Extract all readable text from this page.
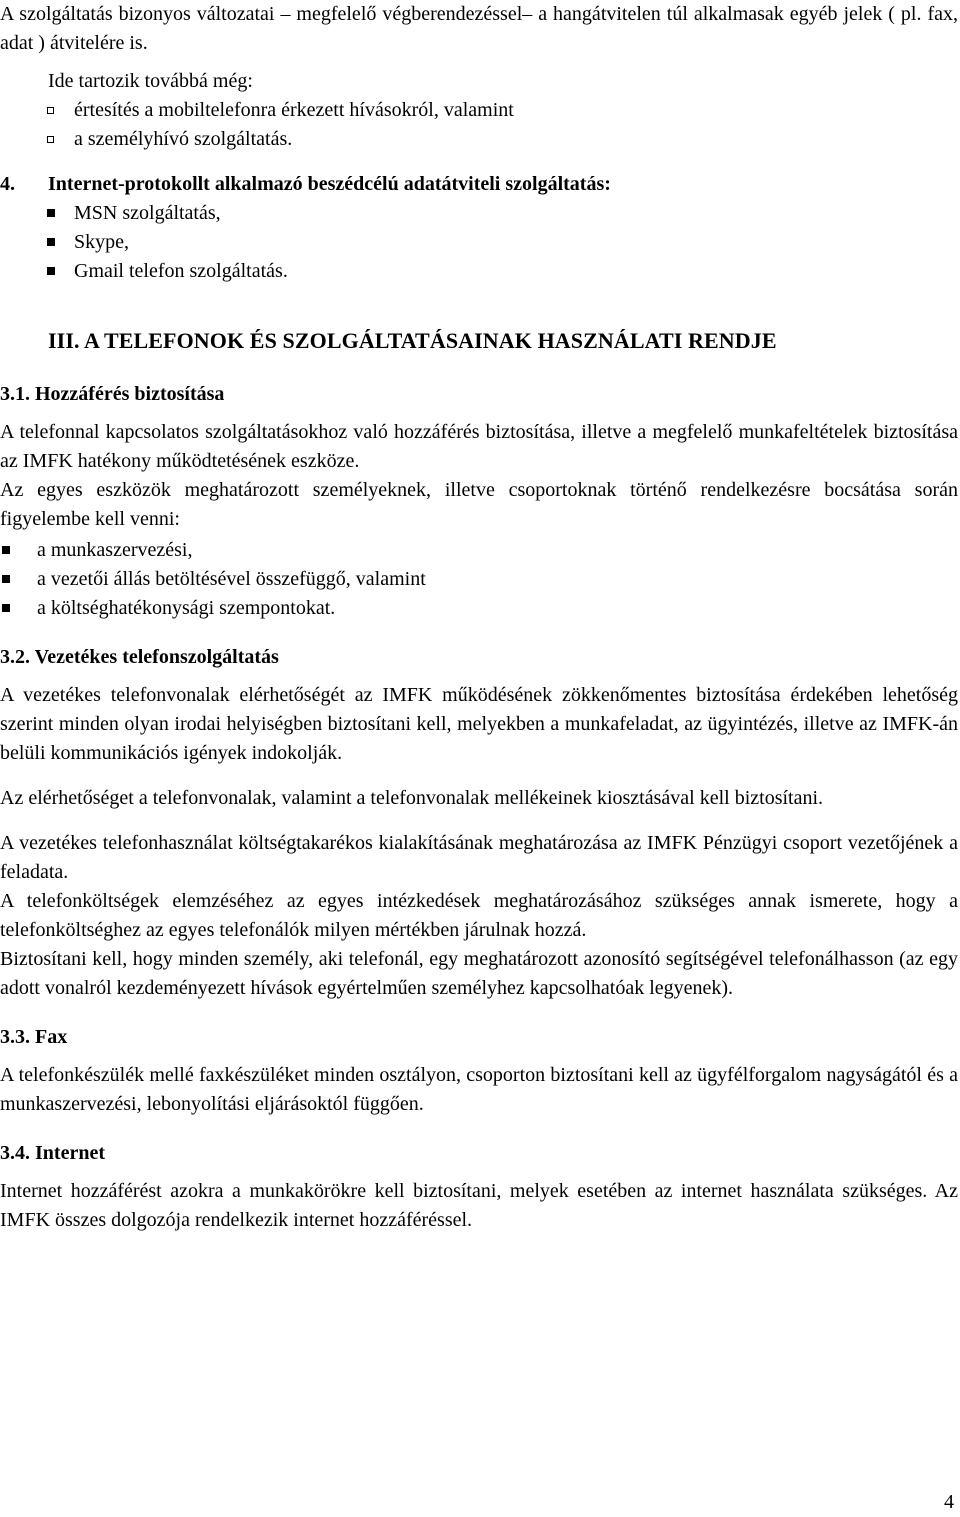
A szolgáltatás bizonyos változatai – megfelelő végberendezéssel– a hangátvitelen túl alkalmasak egyéb jelek ( pl. fax, adat ) átvitelére is.

Ide tartozik továbbá még:

értesítés a mobiltelefonra érkezett hívásokról, valamint
a személyhívó szolgáltatás.
4. Internet-protokollt alkalmazó beszédcélú adatátviteli szolgáltatás:
MSN szolgáltatás,
Skype,
Gmail telefon szolgáltatás.
III. A TELEFONOK ÉS SZOLGÁLTATÁSAINAK HASZNÁLATI RENDJE
3.1. Hozzáférés biztosítása

A telefonnal kapcsolatos szolgáltatásokhoz való hozzáférés biztosítása, illetve a megfelelő munkafeltételek biztosítása az IMFK hatékony működtetésének eszköze.

Az egyes eszközök meghatározott személyeknek, illetve csoportoknak történő rendelkezésre bocsátása során figyelembe kell venni:

a munkaszervezési,
a vezetői állás betöltésével összefüggő, valamint
a költséghatékonysági szempontokat.
3.2. Vezetékes telefonszolgáltatás

A vezetékes telefonvonalak elérhetőségét az IMFK működésének zökkenőmentes biztosítása érdekében lehetőség szerint minden olyan irodai helyiségben biztosítani kell, melyekben a munkafeladat, az ügyintézés, illetve az IMFK-án belüli kommunikációs igények indokolják.

Az elérhetőséget a telefonvonalak, valamint a telefonvonalak mellékeinek kiosztásával kell biztosítani.

A vezetékes telefonhasználat költségtakarékos kialakításának meghatározása az IMFK Pénzügyi csoport vezetőjének a feladata.

A telefonköltségek elemzéséhez az egyes intézkedések meghatározásához szükséges annak ismerete, hogy a telefonköltséghez az egyes telefonálók milyen mértékben járulnak hozzá.

Biztosítani kell, hogy minden személy, aki telefonál, egy meghatározott azonosító segítségével telefonálhasson (az egy adott vonalról kezdeményezett hívások egyértelműen személyhez kapcsolhatóak legyenek).

3.3. Fax

A telefonkészülék mellé faxkészüléket minden osztályon, csoporton biztosítani kell az ügyfélforgalom nagyságától és a munkaszervezési, lebonyolítási eljárásoktól függően.

3.4. Internet

Internet hozzáférést azokra a munkakörökre kell biztosítani, melyek esetében az internet használata szükséges. Az IMFK összes dolgozója rendelkezik internet hozzáféréssel.

4
